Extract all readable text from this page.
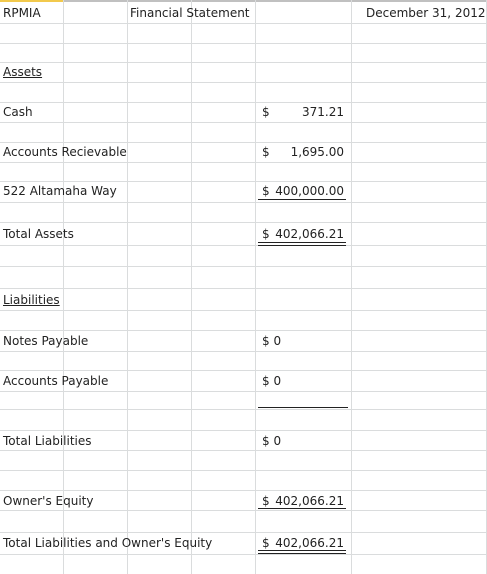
RPMIA	Financial Statement	December 31, 2012
Assets
Cash	$	371.21
Accounts Recievable	$	1,695.00
522 Altamaha Way	$ 400,000.00
Total Assets	$ 402,066.21
Liabilities
Notes Payable	$ 0
Accounts Payable	$ 0
Total Liabilities	$ 0
Owner's Equity	$ 402,066.21
Total Liabilities and Owner's Equity	$ 402,066.21
